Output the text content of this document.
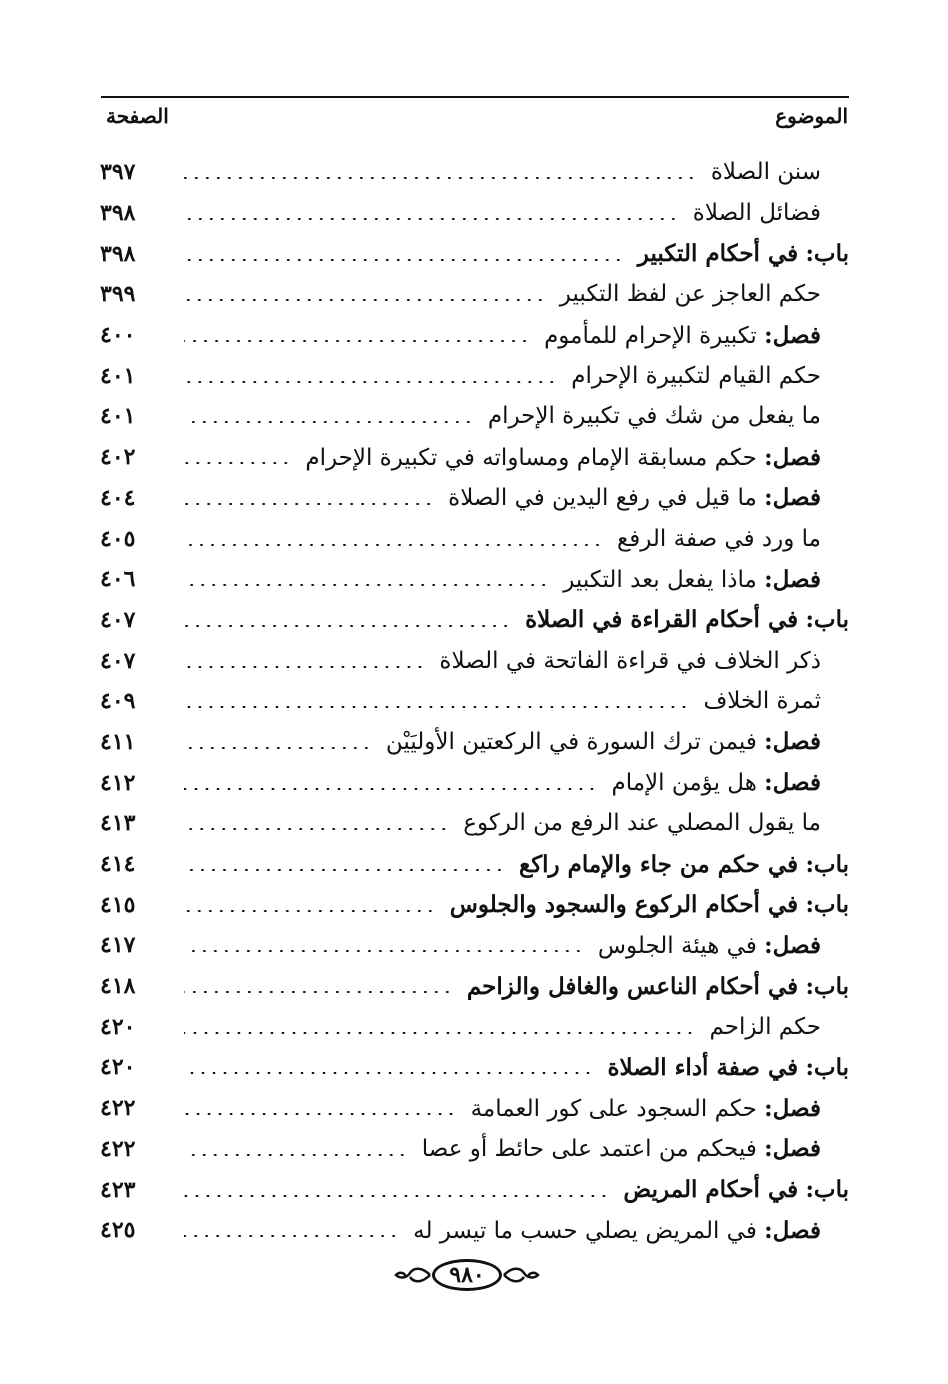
الموضوع
الصفحة
سنن الصلاة
٣٩٧
فضائل الصلاة
٣٩٨
باب: في أحكام التكبير
٣٩٨
حكم العاجز عن لفظ التكبير
٣٩٩
فصل: تكبيرة الإحرام للمأموم
٤٠٠
حكم القيام لتكبيرة الإحرام
٤٠١
ما يفعل من شك في تكبيرة الإحرام
٤٠١
فصل: حكم مسابقة الإمام ومساواته في تكبيرة الإحرام
٤٠٢
فصل: ما قيل في رفع اليدين في الصلاة
٤٠٤
ما ورد في صفة الرفع
٤٠٥
فصل: ماذا يفعل بعد التكبير
٤٠٦
باب: في أحكام القراءة في الصلاة
٤٠٧
ذكر الخلاف في قراءة الفاتحة في الصلاة
٤٠٧
ثمرة الخلاف
٤٠٩
فصل: فيمن ترك السورة في الركعتين الأوليَيْن
٤١١
فصل: هل يؤمن الإمام
٤١٢
ما يقول المصلي عند الرفع من الركوع
٤١٣
باب: في حكم من جاء والإمام راكع
٤١٤
باب: في أحكام الركوع والسجود والجلوس
٤١٥
فصل: في هيئة الجلوس
٤١٧
باب: في أحكام الناعس والغافل والزاحم
٤١٨
حكم الزاحم
٤٢٠
باب: في صفة أداء الصلاة
٤٢٠
فصل: حكم السجود على كور العمامة
٤٢٢
فصل: فيحكم من اعتمد على حائط أو عصا
٤٢٢
باب: في أحكام المريض
٤٢٣
فصل: في المريض يصلي حسب ما تيسر له
٤٢٥
٩٨٠
